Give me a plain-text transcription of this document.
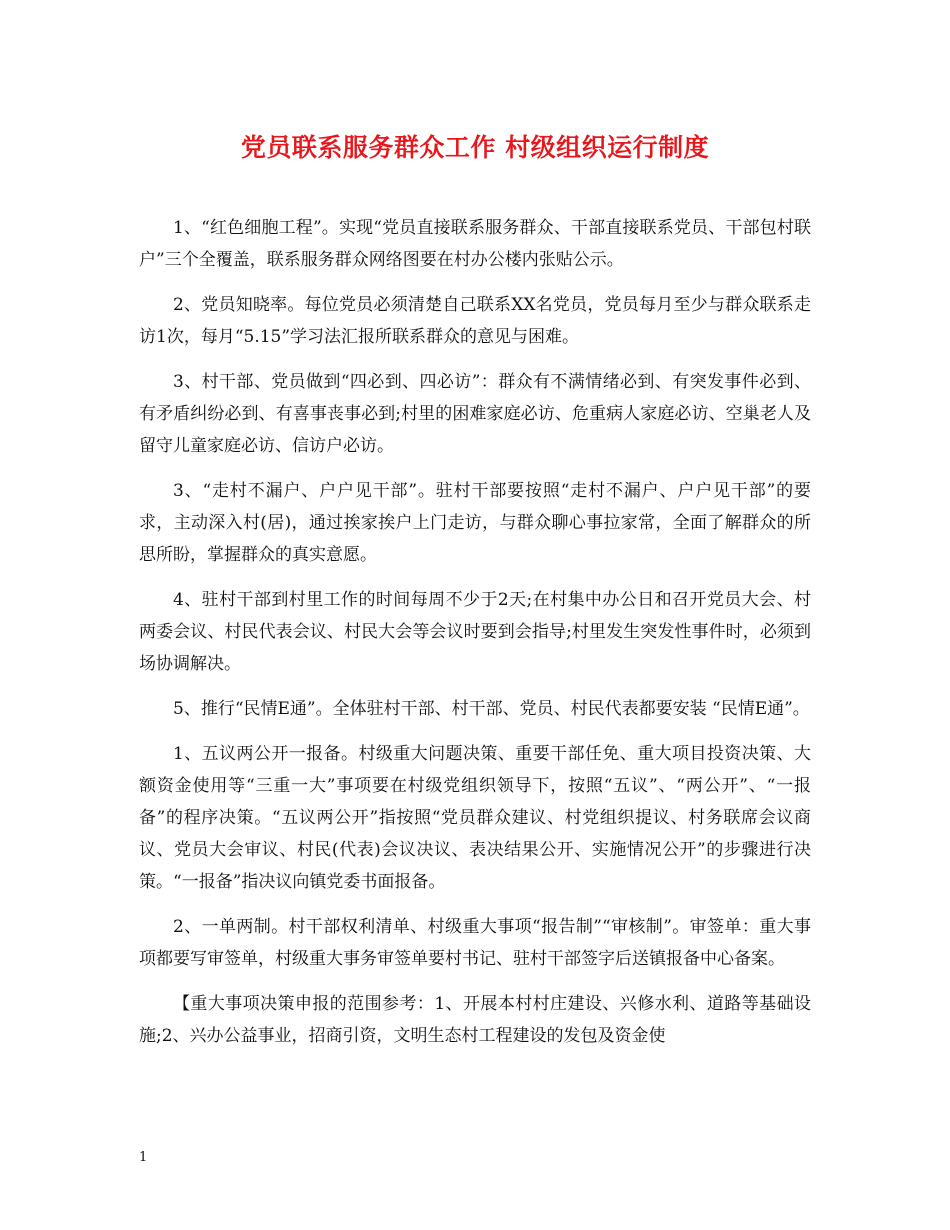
党员联系服务群众工作 村级组织运行制度

1、“红色细胞工程”。实现“党员直接联系服务群众、干部直接联系党员、干部包村联户”三个全覆盖，联系服务群众网络图要在村办公楼内张贴公示。

2、党员知晓率。每位党员必须清楚自己联系XX名党员，党员每月至少与群众联系走访1次，每月“5.15”学习法汇报所联系群众的意见与困难。

3、村干部、党员做到“四必到、四必访”：群众有不满情绪必到、有突发事件必到、有矛盾纠纷必到、有喜事丧事必到;村里的困难家庭必访、危重病人家庭必访、空巢老人及留守儿童家庭必访、信访户必访。

3、“走村不漏户、户户见干部”。驻村干部要按照“走村不漏户、户户见干部”的要求，主动深入村(居)，通过挨家挨户上门走访，与群众聊心事拉家常，全面了解群众的所思所盼，掌握群众的真实意愿。

4、驻村干部到村里工作的时间每周不少于2天;在村集中办公日和召开党员大会、村两委会议、村民代表会议、村民大会等会议时要到会指导;村里发生突发性事件时，必须到场协调解决。

5、推行“民情E通”。全体驻村干部、村干部、党员、村民代表都要安装 “民情E通”。

1、五议两公开一报备。村级重大问题决策、重要干部任免、重大项目投资决策、大额资金使用等“三重一大”事项要在村级党组织领导下，按照“五议”、“两公开”、“一报备”的程序决策。“五议两公开”指按照“党员群众建议、村党组织提议、村务联席会议商议、党员大会审议、村民(代表)会议决议、表决结果公开、实施情况公开”的步骤进行决策。“一报备”指决议向镇党委书面报备。

2、一单两制。村干部权利清单、村级重大事项“报告制”“审核制”。审签单：重大事项都要写审签单，村级重大事务审签单要村书记、驻村干部签字后送镇报备中心备案。

【重大事项决策申报的范围参考：1、开展本村村庄建设、兴修水利、道路等基础设施;2、兴办公益事业，招商引资，文明生态村工程建设的发包及资金使

1
